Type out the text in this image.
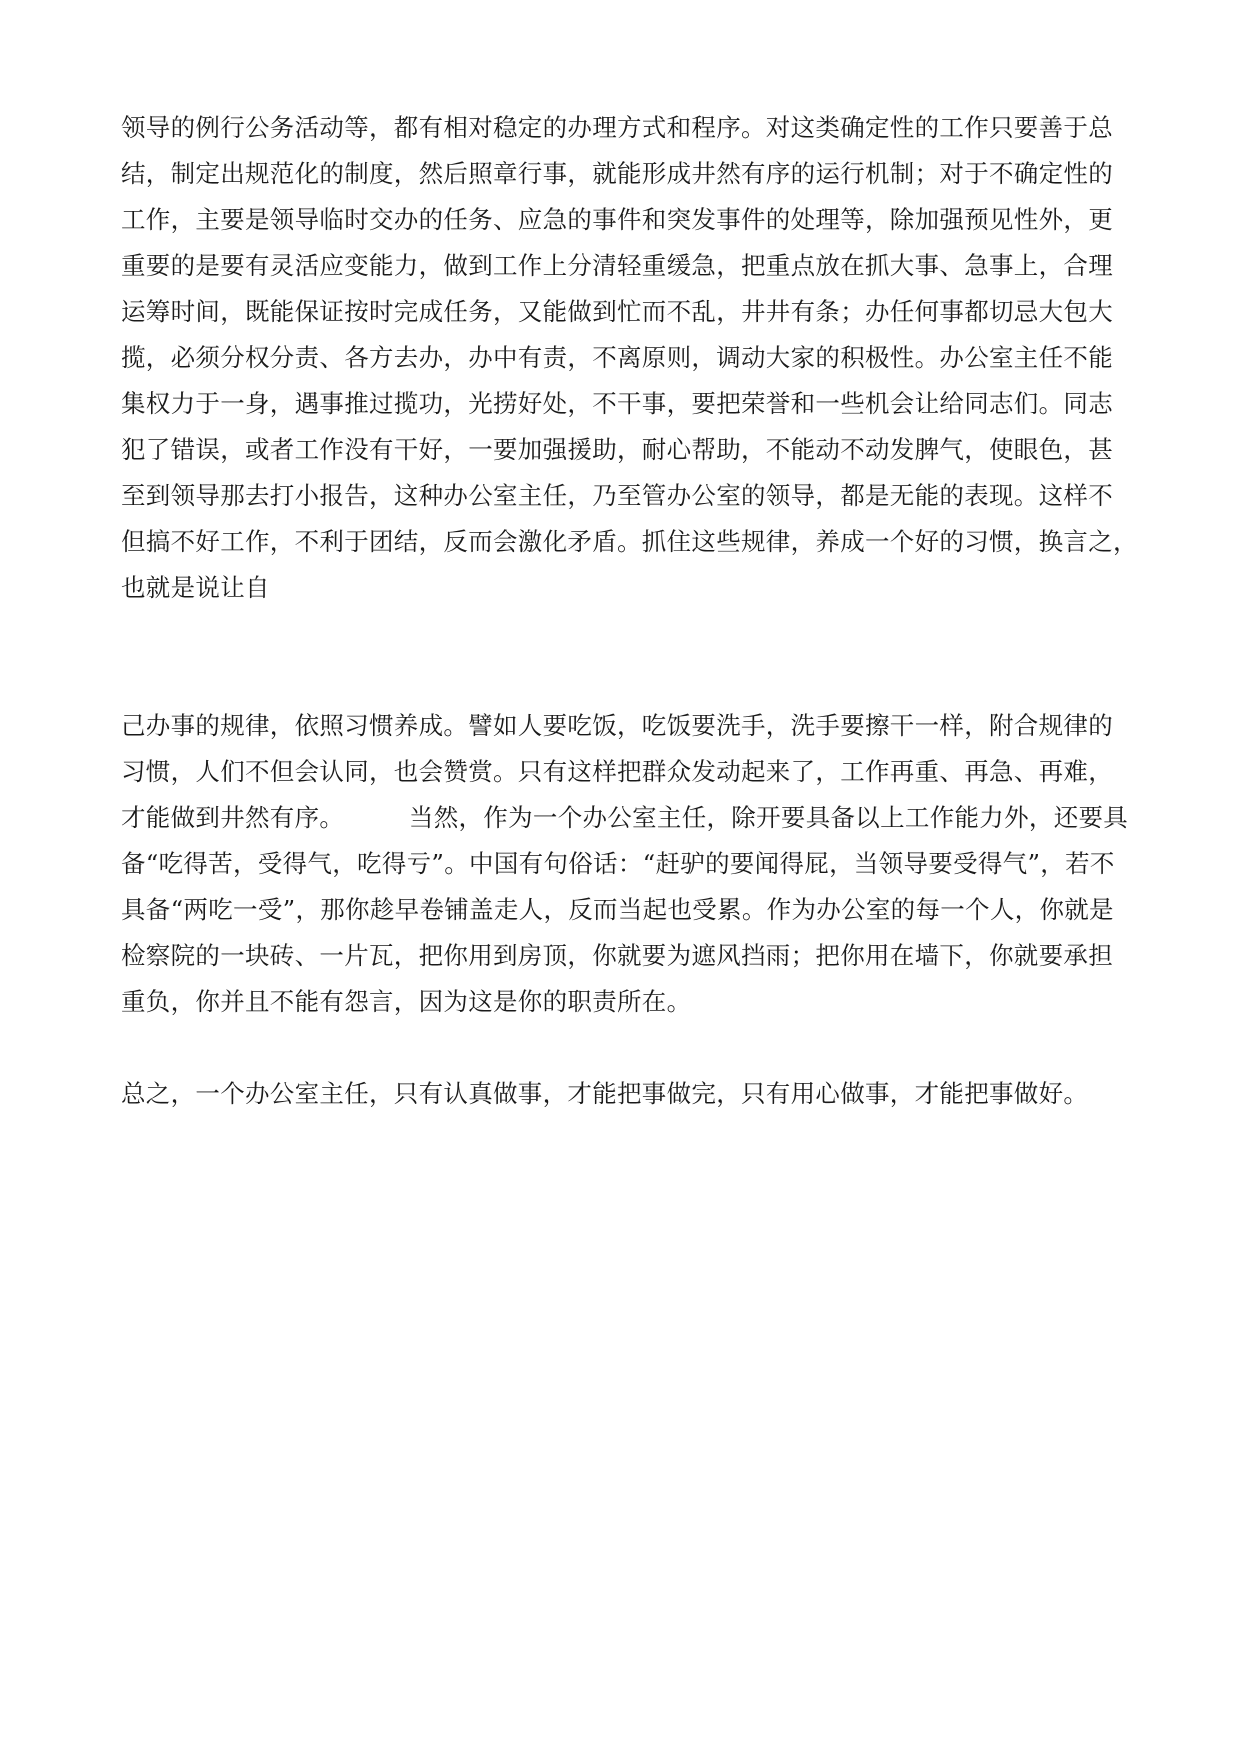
领导的例行公务活动等，都有相对稳定的办理方式和程序。对这类确定性的工作只要善于总
结，制定出规范化的制度，然后照章行事，就能形成井然有序的运行机制；对于不确定性的
工作，主要是领导临时交办的任务、应急的事件和突发事件的处理等，除加强预见性外，更
重要的是要有灵活应变能力，做到工作上分清轻重缓急，把重点放在抓大事、急事上，合理
运筹时间，既能保证按时完成任务，又能做到忙而不乱，井井有条；办任何事都切忌大包大
揽，必须分权分责、各方去办，办中有责，不离原则，调动大家的积极性。办公室主任不能
集权力于一身，遇事推过揽功，光捞好处，不干事，要把荣誉和一些机会让给同志们。同志
犯了错误，或者工作没有干好，一要加强援助，耐心帮助，不能动不动发脾气，使眼色，甚
至到领导那去打小报告，这种办公室主任，乃至管办公室的领导，都是无能的表现。这样不
但搞不好工作，不利于团结，反而会激化矛盾。抓住这些规律，养成一个好的习惯，换言之，
也就是说让自
己办事的规律，依照习惯养成。譬如人要吃饭，吃饭要洗手，洗手要擦干一样，附合规律的
习惯，人们不但会认同，也会赞赏。只有这样把群众发动起来了，工作再重、再急、再难，
才能做到井然有序。        当然，作为一个办公室主任，除开要具备以上工作能力外，还要具
备“吃得苦，受得气，吃得亏”。中国有句俗话：“赶驴的要闻得屁，当领导要受得气”，若不
具备“两吃一受”，那你趁早卷铺盖走人，反而当起也受累。作为办公室的每一个人，你就是
检察院的一块砖、一片瓦，把你用到房顶，你就要为遮风挡雨；把你用在墙下，你就要承担
重负，你并且不能有怨言，因为这是你的职责所在。
总之，一个办公室主任，只有认真做事，才能把事做完，只有用心做事，才能把事做好。
